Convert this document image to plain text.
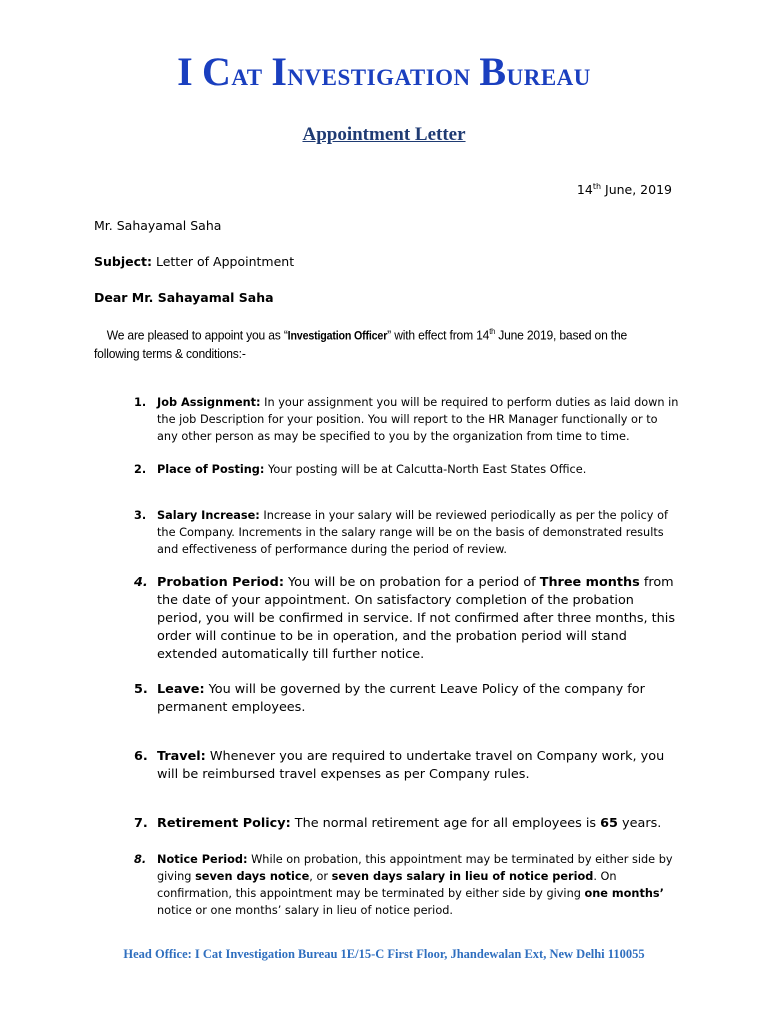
I Cat Investigation Bureau
Appointment Letter
14th June, 2019
Mr. Sahayamal Saha
Subject: Letter of Appointment
Dear Mr. Sahayamal Saha
We are pleased to appoint you as “Investigation Officer” with effect from 14th June 2019, based on the following terms & conditions:-
1. Job Assignment: In your assignment you will be required to perform duties as laid down in the job Description for your position. You will report to the HR Manager functionally or to any other person as may be specified to you by the organization from time to time.
2. Place of Posting: Your posting will be at Calcutta-North East States Office.
3. Salary Increase: Increase in your salary will be reviewed periodically as per the policy of the Company. Increments in the salary range will be on the basis of demonstrated results and effectiveness of performance during the period of review.
4. Probation Period: You will be on probation for a period of Three months from the date of your appointment. On satisfactory completion of the probation period, you will be confirmed in service. If not confirmed after three months, this order will continue to be in operation, and the probation period will stand extended automatically till further notice.
5. Leave: You will be governed by the current Leave Policy of the company for permanent employees.
6. Travel: Whenever you are required to undertake travel on Company work, you will be reimbursed travel expenses as per Company rules.
7. Retirement Policy: The normal retirement age for all employees is 65 years.
8. Notice Period: While on probation, this appointment may be terminated by either side by giving seven days notice, or seven days salary in lieu of notice period. On confirmation, this appointment may be terminated by either side by giving one months’ notice or one months’ salary in lieu of notice period.
Head Office: I Cat Investigation Bureau 1E/15-C First Floor, Jhandewalan Ext, New Delhi 110055
